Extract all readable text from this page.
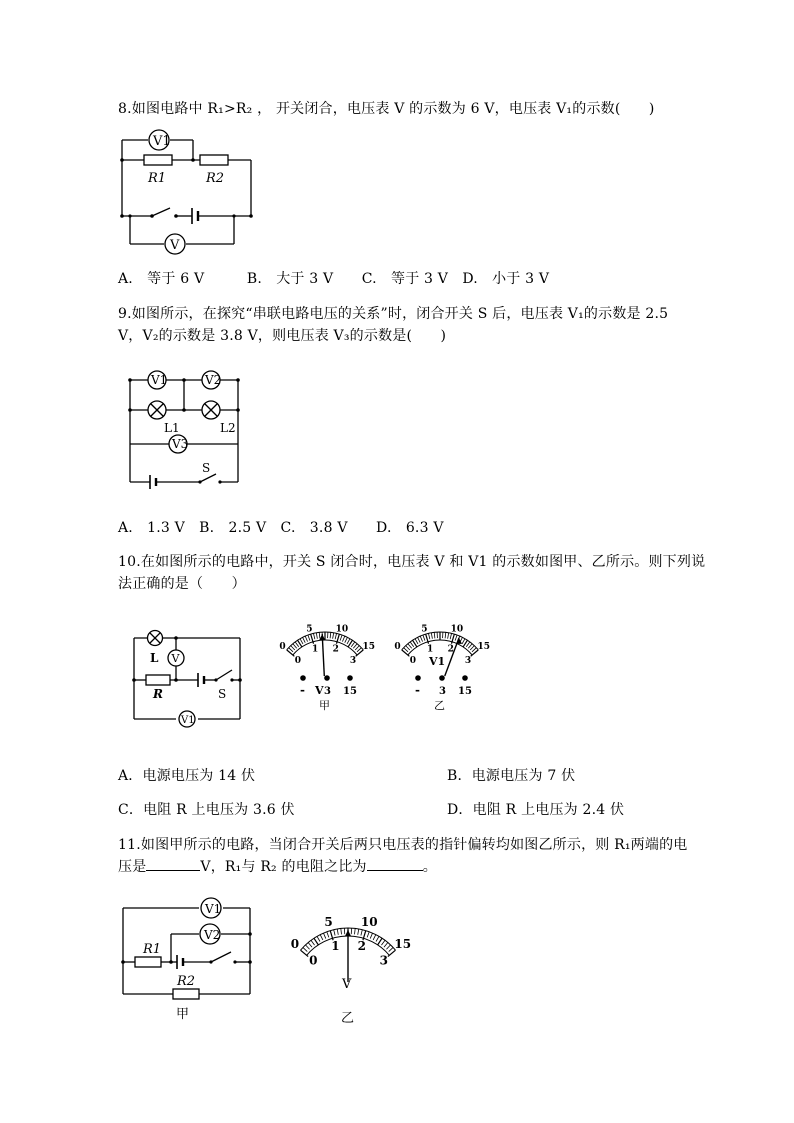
8.如图电路中 R₁>R₂ ， 开关闭合，电压表 V 的示数为 6 V，电压表 V₁的示数(　　)
V1
R1	R2
V
A.　等于 6 V　　　B.　大于 3 V　　C.　等于 3 V　D.　小于 3 V
9.如图所示，在探究“串联电路电压的关系”时，闭合开关 S 后，电压表 V₁的示数是 2.5
V，V₂的示数是 3.8 V，则电压表 V₃的示数是(　　)
V1	V2
L1	L2
V3
S
A.　1.3 V　B.　2.5 V　C.　3.8 V　　D.　6.3 V
10.在如图所示的电路中，开关 S 闭合时，电压表 V 和 V1 的示数如图甲、乙所示。则下列说
法正确的是（　　）
L V
R	S
V1
0
5	10
15
0
1 2
3
V
- 3 15
甲
0
5	10
15
0
1 2
3
V1
- 3 15
乙
A．电源电压为 14 伏	B．电源电压为 7 伏
C．电阻 R 上电压为 3.6 伏	D．电阻 R 上电压为 2.4 伏
11.如图甲所示的电路，当闭合开关后两只电压表的指针偏转均如图乙所示，则 R₁两端的电
压是	V，R₁与 R₂ 的电阻之比为	。
V1
V2
R1
R2
甲
0
5 10
15
0
1 2
3
V
乙
